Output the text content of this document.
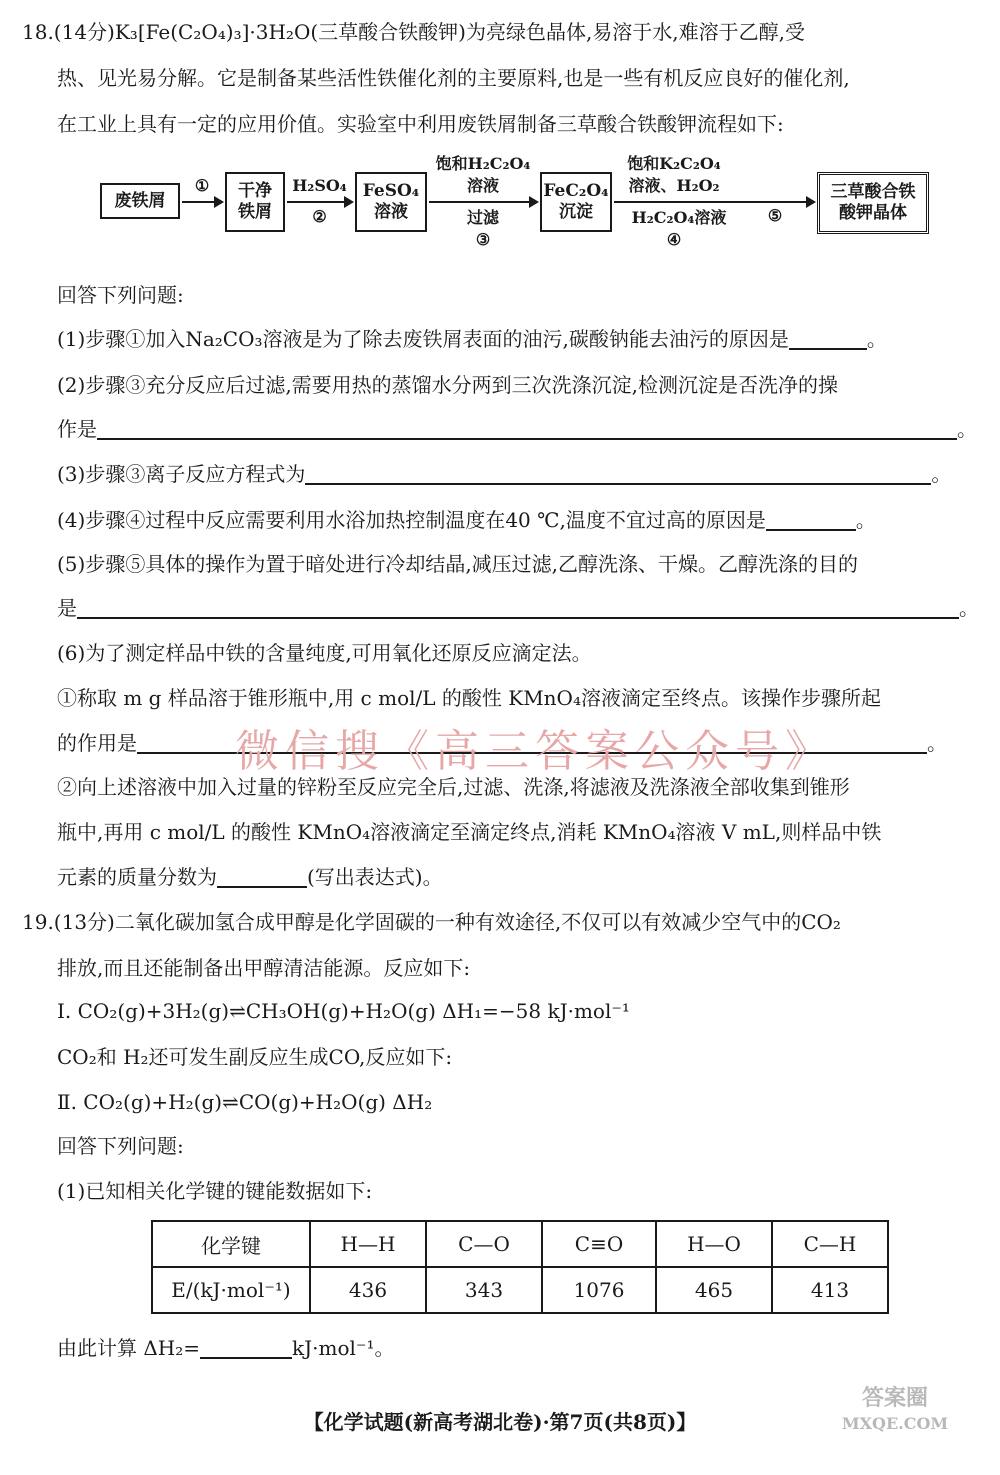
18.(14分)K₃[Fe(C₂O₄)₃]·3H₂O(三草酸合铁酸钾)为亮绿色晶体,易溶于水,难溶于乙醇,受
热、见光易分解。它是制备某些活性铁催化剂的主要原料,也是一些有机反应良好的催化剂,
在工业上具有一定的应用价值。实验室中利用废铁屑制备三草酸合铁酸钾流程如下:
废铁屑
①	干净
铁屑
H₂SO₄
②
FeSO₄
溶液
饱和H₂C₂O₄
溶液
过滤
③
FeC₂O₄
沉淀
饱和K₂C₂O₄
溶液、H₂O₂
H₂C₂O₄溶液
④
⑤
三草酸合铁
酸钾晶体
回答下列问题:
(1)步骤①加入Na₂CO₃溶液是为了除去废铁屑表面的油污,碳酸钠能去油污的原因是	。
(2)步骤③充分反应后过滤,需要用热的蒸馏水分两到三次洗涤沉淀,检测沉淀是否洗净的操
作是	。
(3)步骤③离子反应方程式为	。
(4)步骤④过程中反应需要利用水浴加热控制温度在40 ℃,温度不宜过高的原因是	。
(5)步骤⑤具体的操作为置于暗处进行冷却结晶,减压过滤,乙醇洗涤、干燥。乙醇洗涤的目的
是	。
(6)为了测定样品中铁的含量纯度,可用氧化还原反应滴定法。
①称取 m g 样品溶于锥形瓶中,用 c mol/L 的酸性 KMnO₄溶液滴定至终点。该操作步骤所起
的作用是	。
微信搜《高三答案公众号》
②向上述溶液中加入过量的锌粉至反应完全后,过滤、洗涤,将滤液及洗涤液全部收集到锥形
瓶中,再用 c mol/L 的酸性 KMnO₄溶液滴定至滴定终点,消耗 KMnO₄溶液 V mL,则样品中铁
元素的质量分数为	(写出表达式)。
19.(13分)二氧化碳加氢合成甲醇是化学固碳的一种有效途径,不仅可以有效减少空气中的CO₂
排放,而且还能制备出甲醇清洁能源。反应如下:
Ⅰ. CO₂(g)+3H₂(g)⇌CH₃OH(g)+H₂O(g) ΔH₁=−58 kJ·mol⁻¹
CO₂和 H₂还可发生副反应生成CO,反应如下:
Ⅱ. CO₂(g)+H₂(g)⇌CO(g)+H₂O(g) ΔH₂
回答下列问题:
(1)已知相关化学键的键能数据如下:
化学键	H—H	C—O	C≡O	H—O	C—H
E/(kJ·mol⁻¹)	436	343	1076	465	413
由此计算 ΔH₂=	kJ·mol⁻¹。
【化学试题(新高考湖北卷)·第7页(共8页)】
答案圈
MXQE.COM
